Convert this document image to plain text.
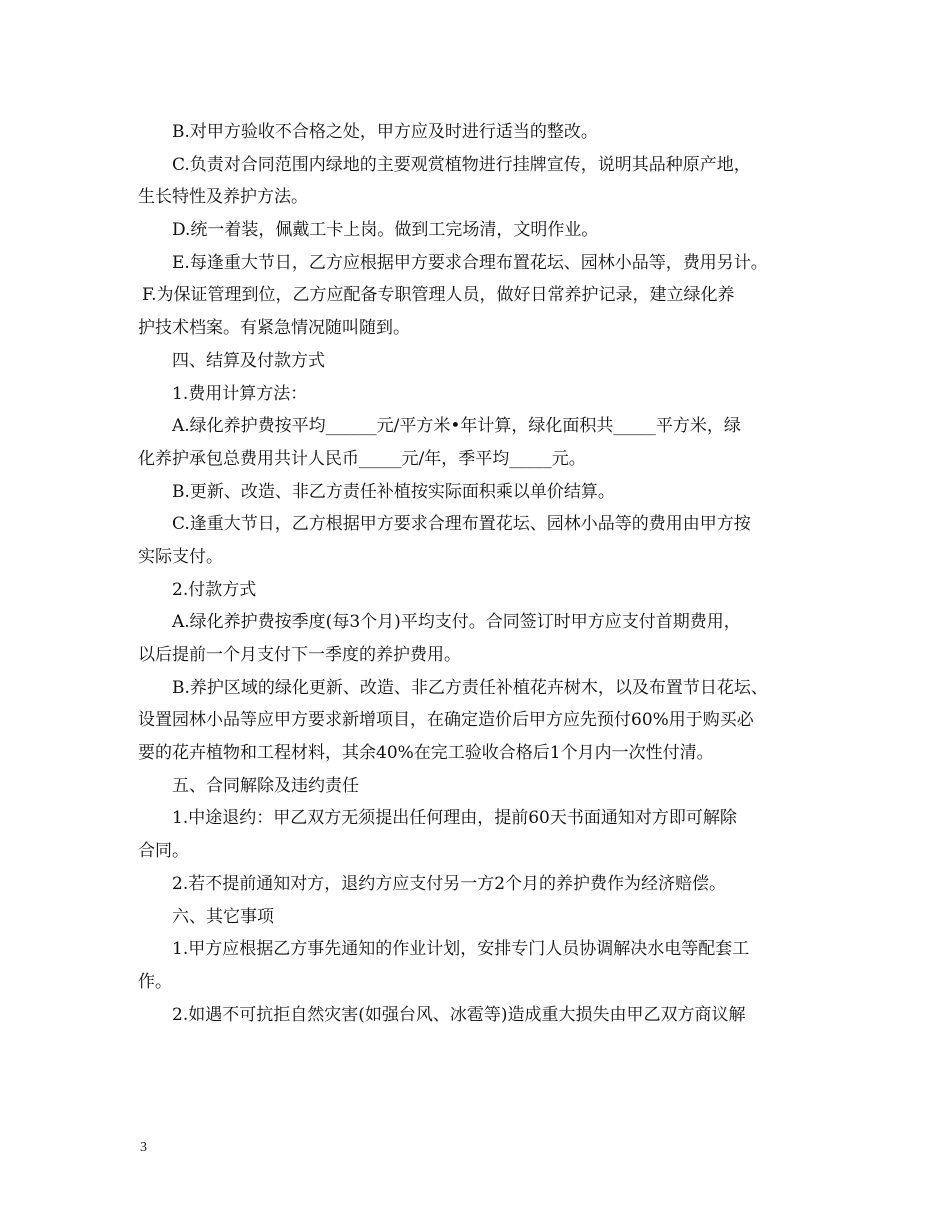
B.对甲方验收不合格之处，甲方应及时进行适当的整改。
C.负责对合同范围内绿地的主要观赏植物进行挂牌宣传，说明其品种原产地，
生长特性及养护方法。
D.统一着装，佩戴工卡上岗。做到工完场清，文明作业。
E.每逢重大节日，乙方应根据甲方要求合理布置花坛、园林小品等，费用另计。
F.为保证管理到位，乙方应配备专职管理人员，做好日常养护记录，建立绿化养
护技术档案。有紧急情况随叫随到。
四、结算及付款方式
1.费用计算方法：
A.绿化养护费按平均______元/平方米•年计算，绿化面积共_____平方米，绿
化养护承包总费用共计人民币_____元/年，季平均_____元。
B.更新、改造、非乙方责任补植按实际面积乘以单价结算。
C.逢重大节日，乙方根据甲方要求合理布置花坛、园林小品等的费用由甲方按
实际支付。
2.付款方式
A.绿化养护费按季度(每3个月)平均支付。合同签订时甲方应支付首期费用，
以后提前一个月支付下一季度的养护费用。
B.养护区域的绿化更新、改造、非乙方责任补植花卉树木，以及布置节日花坛、
设置园林小品等应甲方要求新增项目，在确定造价后甲方应先预付60%用于购买必
要的花卉植物和工程材料，其余40%在完工验收合格后1个月内一次性付清。
五、合同解除及违约责任
1.中途退约：甲乙双方无须提出任何理由，提前60天书面通知对方即可解除
合同。
2.若不提前通知对方，退约方应支付另一方2个月的养护费作为经济赔偿。
六、其它事项
1.甲方应根据乙方事先通知的作业计划，安排专门人员协调解决水电等配套工
作。
2.如遇不可抗拒自然灾害(如强台风、冰雹等)造成重大损失由甲乙双方商议解
3
